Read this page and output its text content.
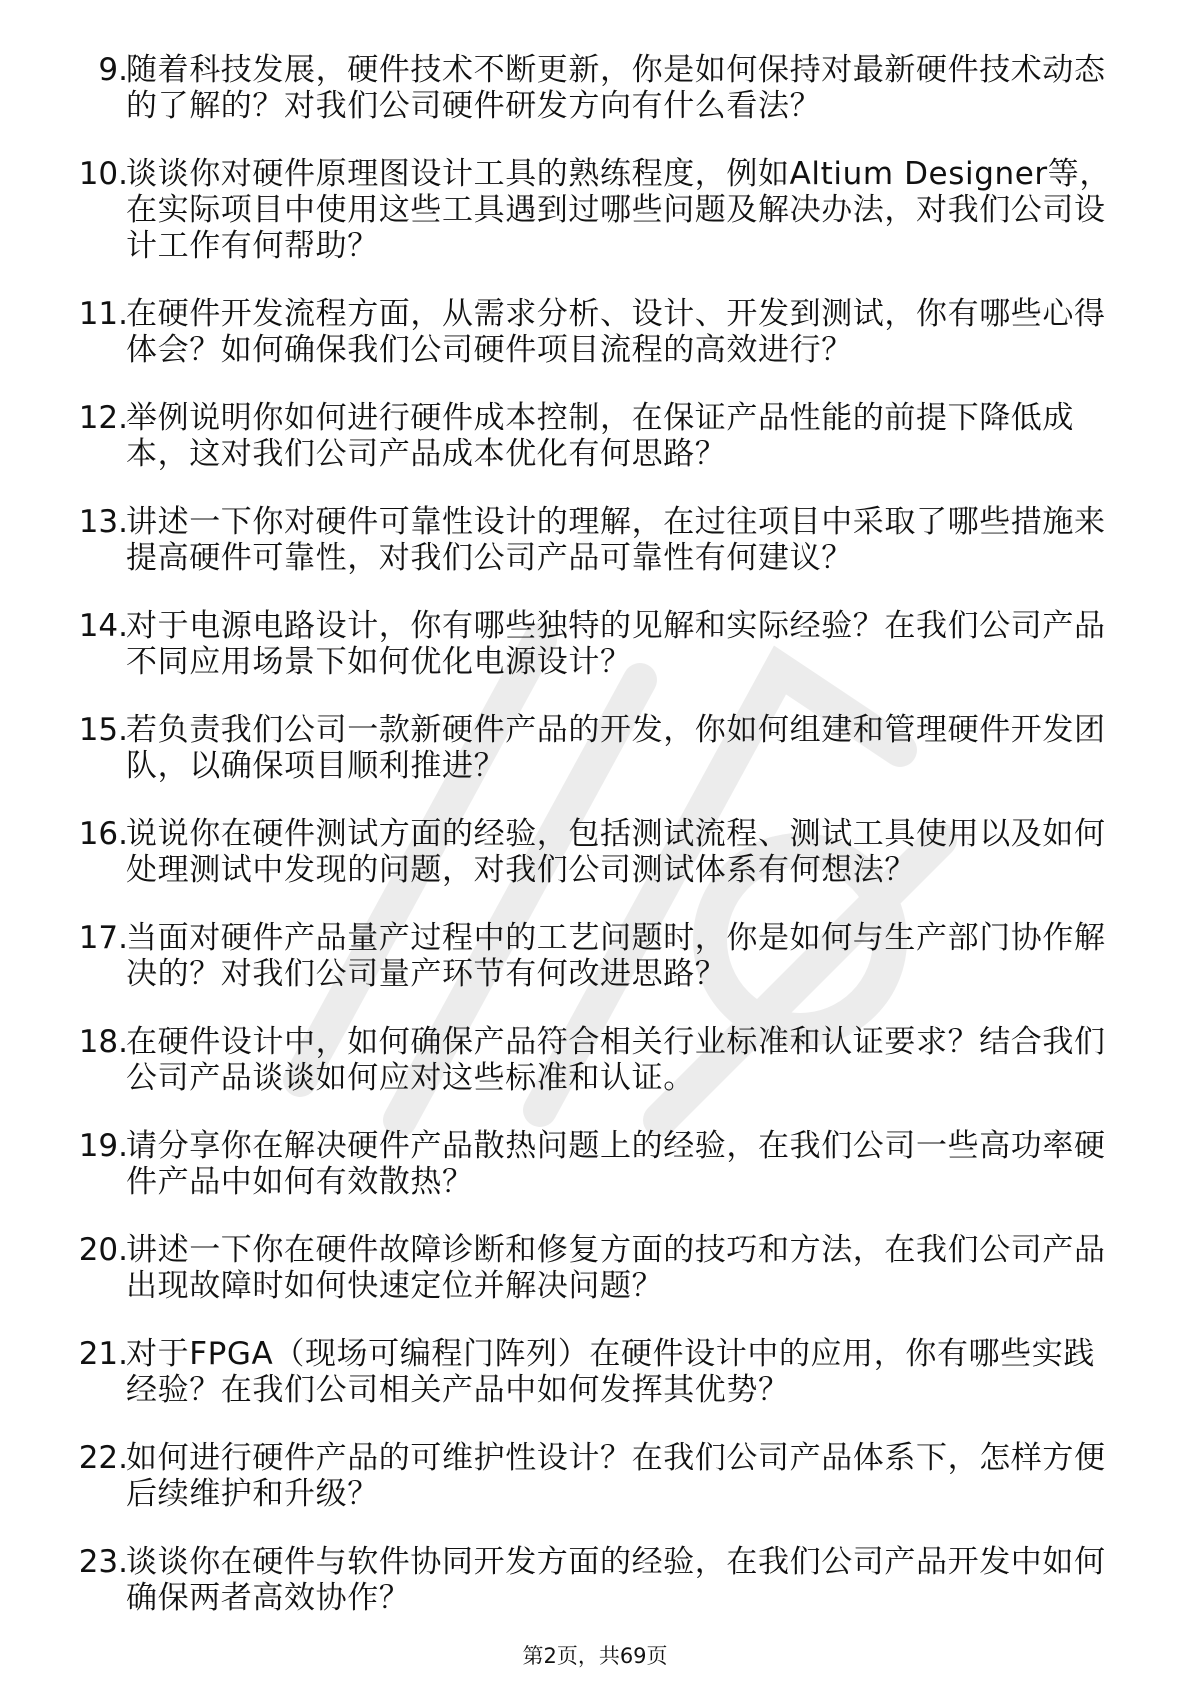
9.
随着科技发展，硬件技术不断更新，你是如何保持对最新硬件技术动态的了解的？对我们公司硬件研发方向有什么看法？
10.
谈谈你对硬件原理图设计工具的熟练程度，例如Altium Designer等，在实际项目中使用这些工具遇到过哪些问题及解决办法，对我们公司设计工作有何帮助？
11.
在硬件开发流程方面，从需求分析、设计、开发到测试，你有哪些心得体会？如何确保我们公司硬件项目流程的高效进行？
12.
举例说明你如何进行硬件成本控制，在保证产品性能的前提下降低成本，这对我们公司产品成本优化有何思路？
13.
讲述一下你对硬件可靠性设计的理解，在过往项目中采取了哪些措施来提高硬件可靠性，对我们公司产品可靠性有何建议？
14.
对于电源电路设计，你有哪些独特的见解和实际经验？在我们公司产品不同应用场景下如何优化电源设计？
15.
若负责我们公司一款新硬件产品的开发，你如何组建和管理硬件开发团队，以确保项目顺利推进？
16.
说说你在硬件测试方面的经验，包括测试流程、测试工具使用以及如何处理测试中发现的问题，对我们公司测试体系有何想法？
17.
当面对硬件产品量产过程中的工艺问题时，你是如何与生产部门协作解决的？对我们公司量产环节有何改进思路？
18.
在硬件设计中，如何确保产品符合相关行业标准和认证要求？结合我们公司产品谈谈如何应对这些标准和认证。
19.
请分享你在解决硬件产品散热问题上的经验，在我们公司一些高功率硬件产品中如何有效散热？
20.
讲述一下你在硬件故障诊断和修复方面的技巧和方法，在我们公司产品出现故障时如何快速定位并解决问题？
21.
对于FPGA（现场可编程门阵列）在硬件设计中的应用，你有哪些实践经验？在我们公司相关产品中如何发挥其优势？
22.
如何进行硬件产品的可维护性设计？在我们公司产品体系下，怎样方便后续维护和升级？
23.
谈谈你在硬件与软件协同开发方面的经验，在我们公司产品开发中如何确保两者高效协作？
第2页，共69页
